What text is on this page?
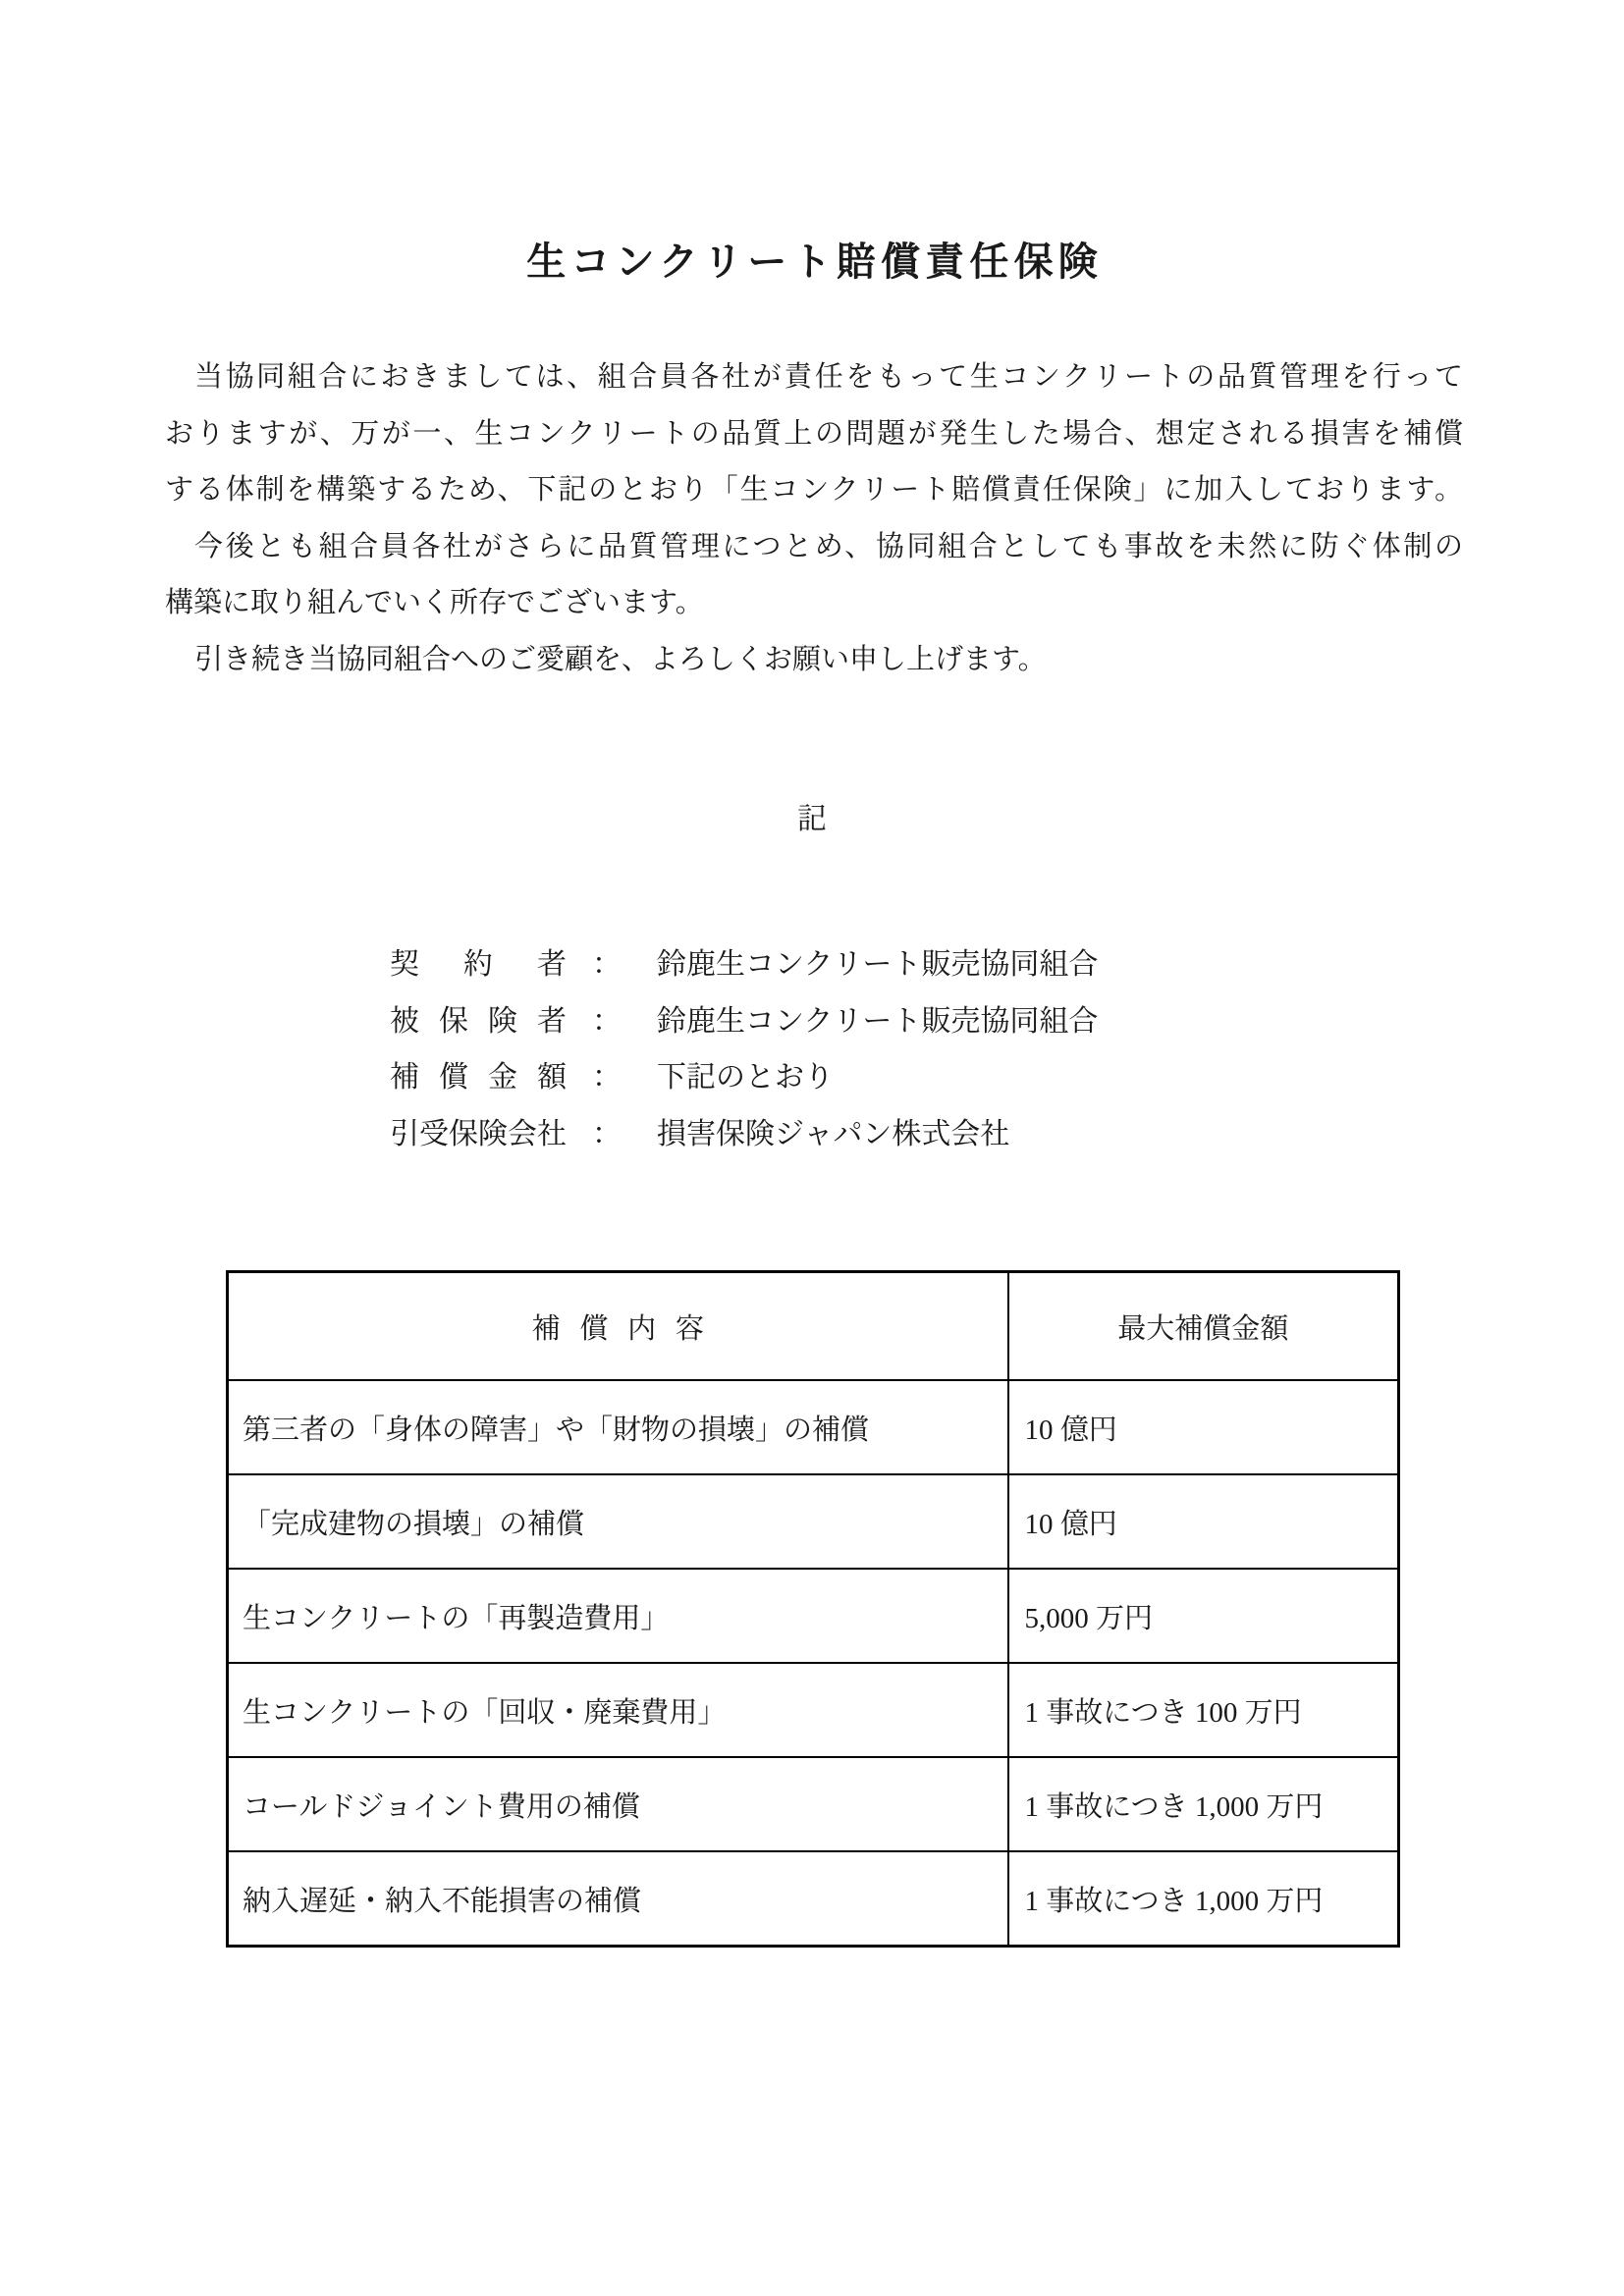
生コンクリート賠償責任保険
当協同組合におきましては、組合員各社が責任をもって生コンクリートの品質管理を行って
おりますが、万が一、生コンクリートの品質上の問題が発生した場合、想定される損害を補償
する体制を構築するため、下記のとおり「生コンクリート賠償責任保険」に加入しております。
今後とも組合員各社がさらに品質管理につとめ、協同組合としても事故を未然に防ぐ体制の
構築に取り組んでいく所存でございます。
引き続き当協同組合へのご愛顧を、よろしくお願い申し上げます。
記
契約者 ： 鈴鹿生コンクリート販売協同組合
被保険者 ： 鈴鹿生コンクリート販売協同組合
補償金額 ： 下記のとおり
引受保険会社 ： 損害保険ジャパン株式会社
補償内容	最大補償金額
第三者の「身体の障害」や「財物の損壊」の補償	10 億円
「完成建物の損壊」の補償	10 億円
生コンクリートの「再製造費用」	5,000 万円
生コンクリートの「回収・廃棄費用」	1 事故につき 100 万円
コールドジョイント費用の補償	1 事故につき 1,000 万円
納入遅延・納入不能損害の補償	1 事故につき 1,000 万円
